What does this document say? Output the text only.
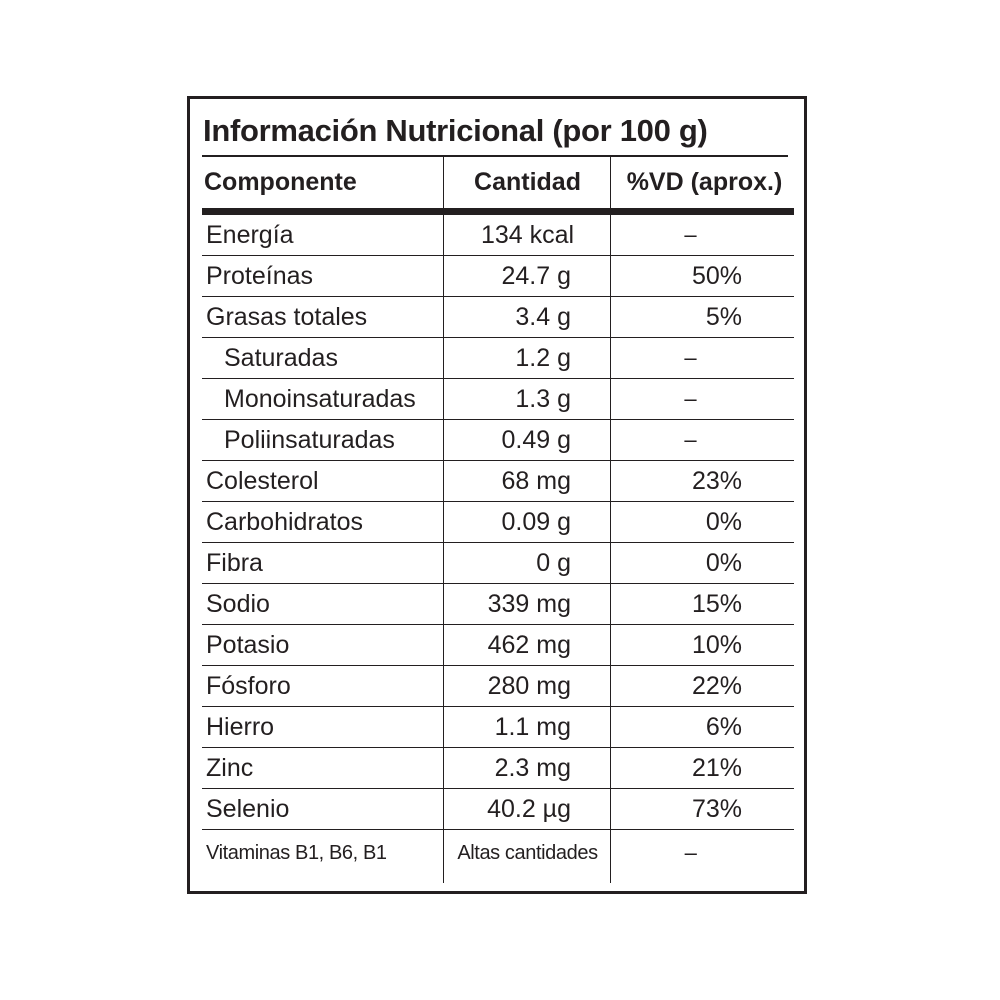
Información Nutricional (por 100 g)
Componente	Cantidad	%VD (aprox.)
Energía	134 kcal	–
Proteínas	24.7 g	50%
Grasas totales	3.4 g	5%
Saturadas	1.2 g	–
Monoinsaturadas	1.3 g	–
Poliinsaturadas	0.49 g	–
Colesterol	68 mg	23%
Carbohidratos	0.09 g	0%
Fibra	0 g	0%
Sodio	339 mg	15%
Potasio	462 mg	10%
Fósforo	280 mg	22%
Hierro	1.1 mg	6%
Zinc	2.3 mg	21%
Selenio	40.2 µg	73%
Vitaminas B1, B6, B1	Altas cantidades	–
